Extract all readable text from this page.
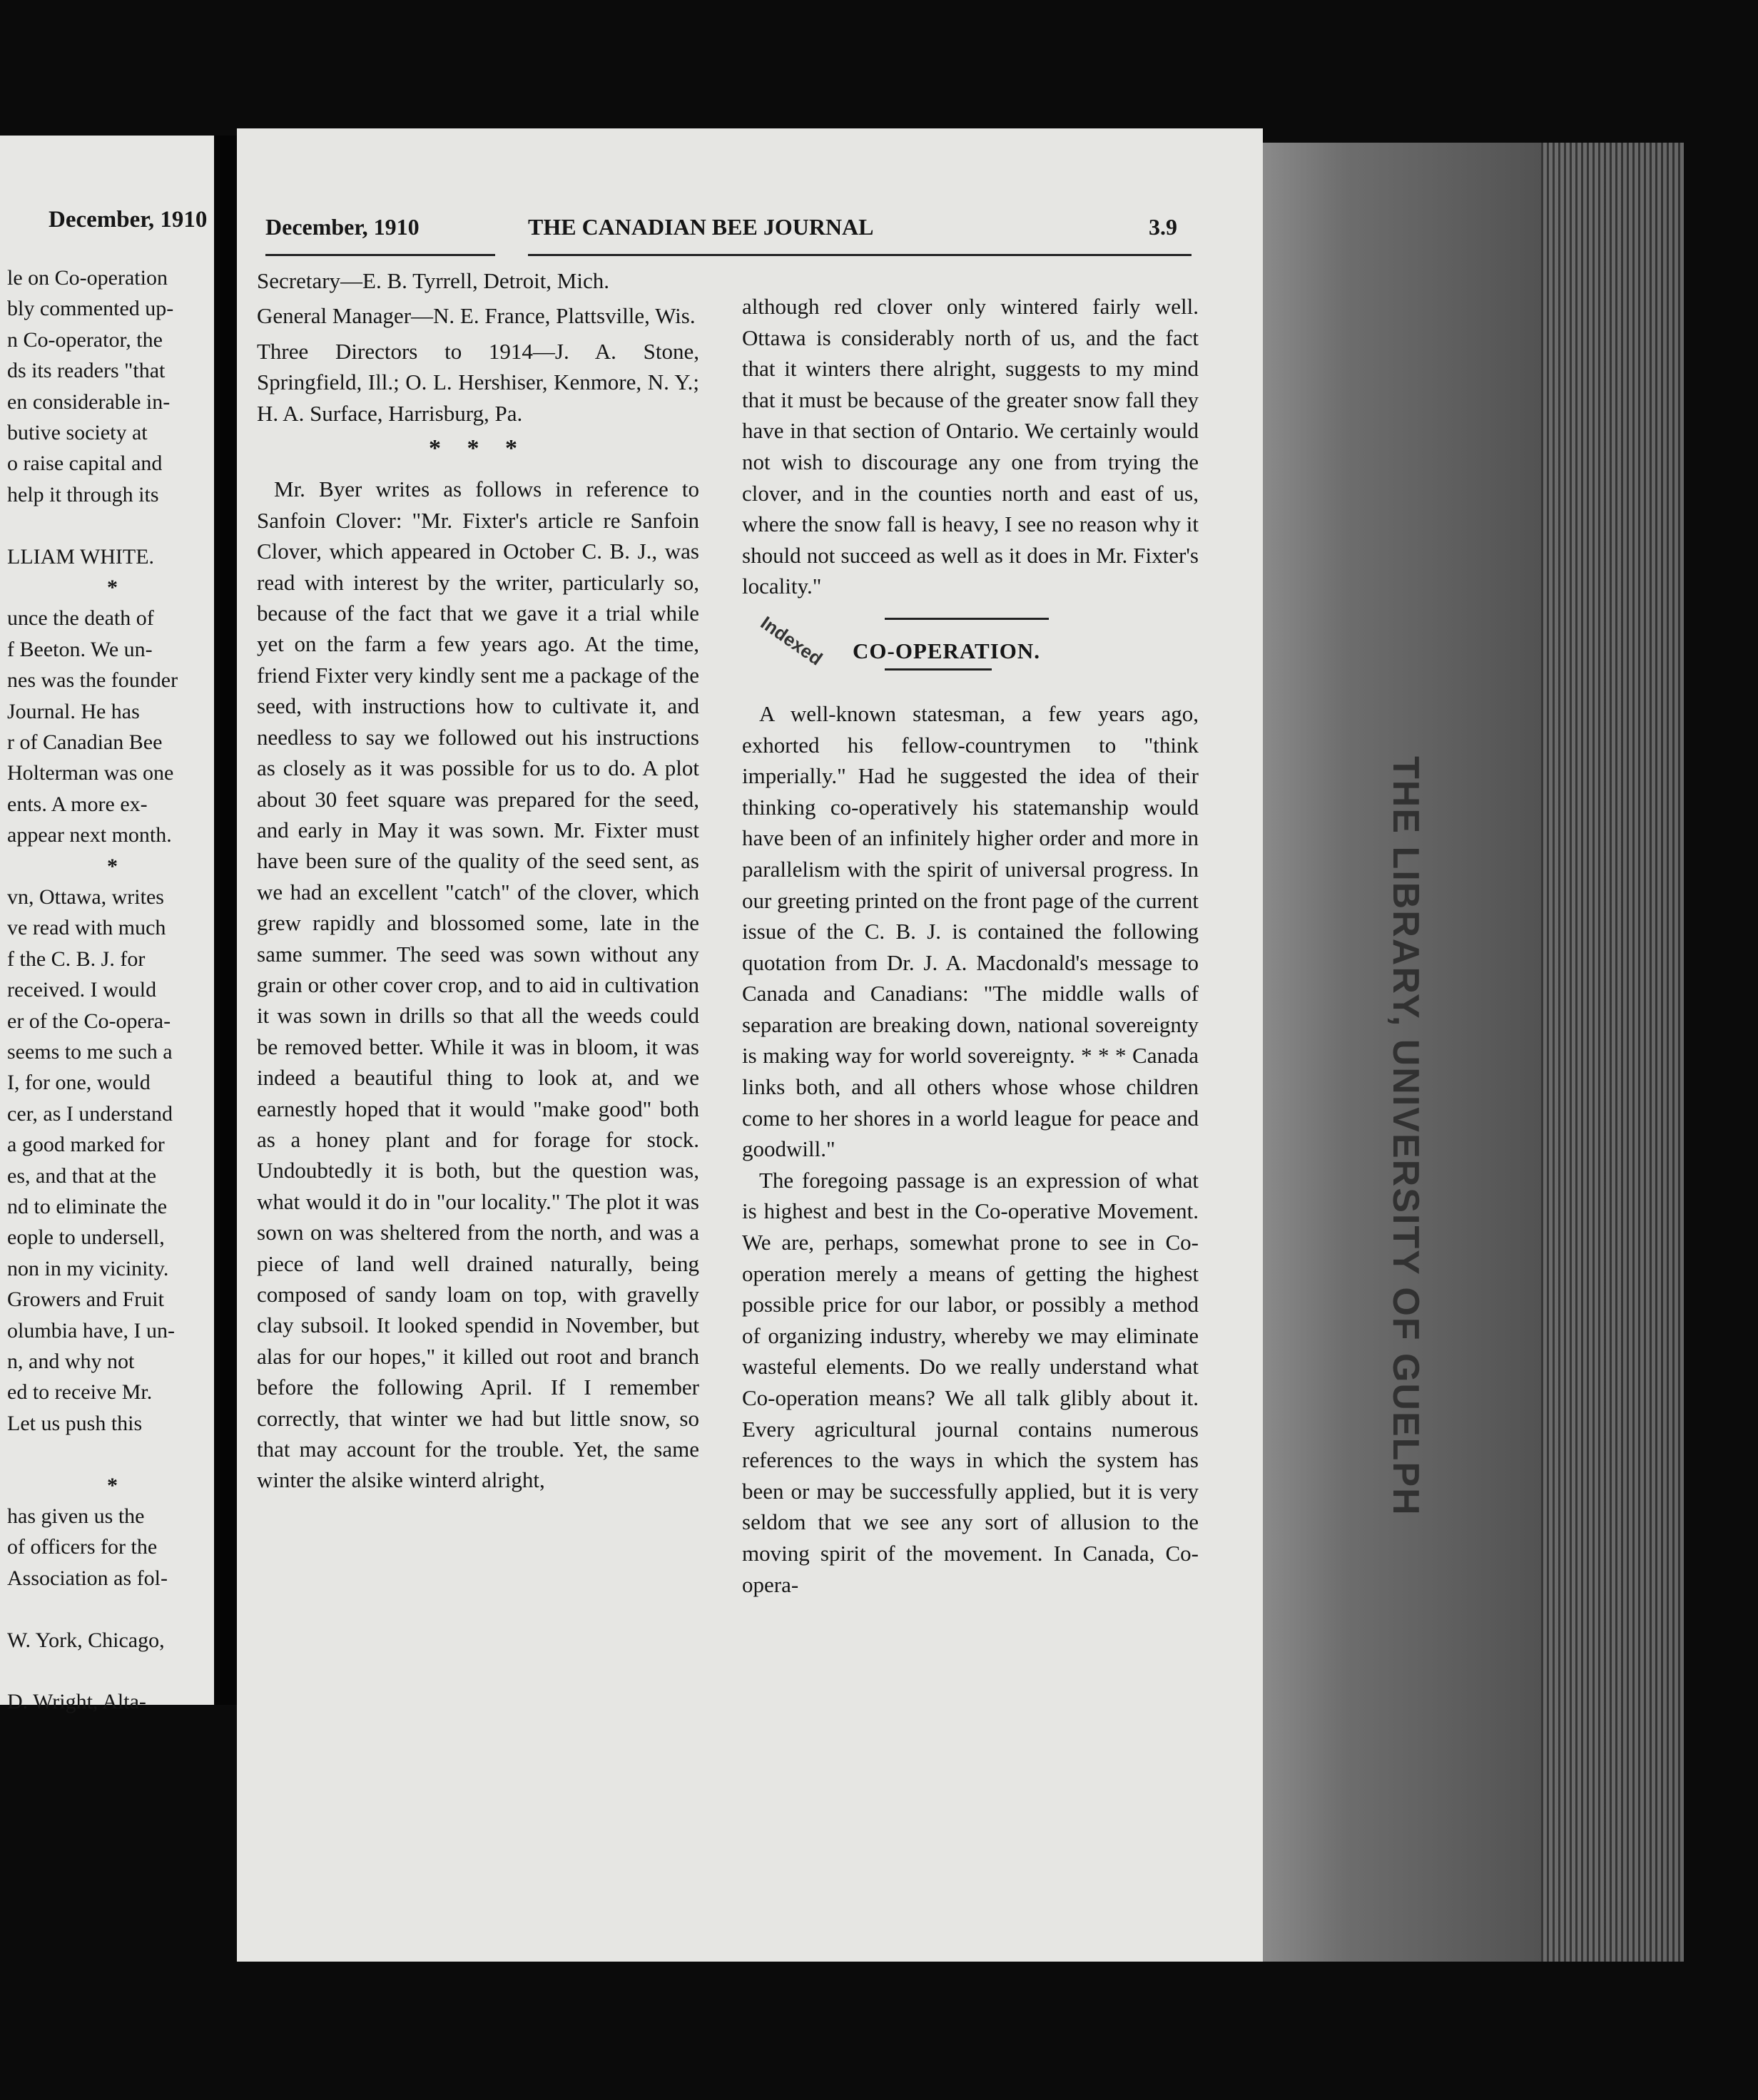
December, 1910
le on Co-operation
bly commented up-
n Co-operator, the
ds its readers "that
en considerable in-
butive society at
o raise capital and
help it through its
LLIAM WHITE.
*
unce the death of
f Beeton. We un-
nes was the founder
Journal. He has
r of Canadian Bee
Holterman was one
ents. A more ex-
appear next month.
*
vn, Ottawa, writes
ve read with much
f the C. B. J. for
received. I would
er of the Co-opera-
seems to me such a
I, for one, would
cer, as I understand
a good marked for
es, and that at the
nd to eliminate the
eople to undersell,
non in my vicinity.
Growers and Fruit
olumbia have, I un-
n, and why not
ed to receive Mr.
Let us push this
*
has given us the
of officers for the
Association as fol-
W. York, Chicago,
D. Wright, Alta-
December, 1910	THE CANADIAN BEE JOURNAL	3.9

Secretary—E. B. Tyrrell, Detroit, Mich.

General Manager—N. E. France, Plattsville, Wis.

Three Directors to 1914—J. A. Stone, Springfield, Ill.; O. L. Hershiser, Kenmore, N. Y.; H. A. Surface, Harrisburg, Pa.

* * *

Mr. Byer writes as follows in reference to Sanfoin Clover: "Mr. Fixter's article re Sanfoin Clover, which appeared in October C. B. J., was read with interest by the writer, particularly so, because of the fact that we gave it a trial while yet on the farm a few years ago. At the time, friend Fixter very kindly sent me a package of the seed, with instructions how to cultivate it, and needless to say we followed out his instructions as closely as it was possible for us to do. A plot about 30 feet square was prepared for the seed, and early in May it was sown. Mr. Fixter must have been sure of the quality of the seed sent, as we had an excellent "catch" of the clover, which grew rapidly and blossomed some, late in the same summer. The seed was sown without any grain or other cover crop, and to aid in cultivation it was sown in drills so that all the weeds could be removed better. While it was in bloom, it was indeed a beautiful thing to look at, and we earnestly hoped that it would "make good" both as a honey plant and for forage for stock. Undoubtedly it is both, but the question was, what would it do in "our locality." The plot it was sown on was sheltered from the north, and was a piece of land well drained naturally, being composed of sandy loam on top, with gravelly clay subsoil. It looked spendid in November, but alas for our hopes," it killed out root and branch before the following April. If I remember correctly, that winter we had but little snow, so that may account for the trouble. Yet, the same winter the alsike winterd alright,

although red clover only wintered fairly well. Ottawa is considerably north of us, and the fact that it winters there alright, suggests to my mind that it must be because of the greater snow fall they have in that section of Ontario. We certainly would not wish to discourage any one from trying the clover, and in the counties north and east of us, where the snow fall is heavy, I see no reason why it should not succeed as well as it does in Mr. Fixter's locality."

Indexed CO-OPERATION.

A well-known statesman, a few years ago, exhorted his fellow-countrymen to "think imperially." Had he suggested the idea of their thinking co-operatively his statemanship would have been of an infinitely higher order and more in parallelism with the spirit of universal progress. In our greeting printed on the front page of the current issue of the C. B. J. is contained the following quotation from Dr. J. A. Macdonald's message to Canada and Canadians: "The middle walls of separation are breaking down, national sovereignty is making way for world sovereignty. * * * Canada links both, and all others whose whose children come to her shores in a world league for peace and goodwill."

The foregoing passage is an expression of what is highest and best in the Co-operative Movement. We are, perhaps, somewhat prone to see in Co-operation merely a means of getting the highest possible price for our labor, or possibly a method of organizing industry, whereby we may eliminate wasteful elements. Do we really understand what Co-operation means? We all talk glibly about it. Every agricultural journal contains numerous references to the ways in which the system has been or may be successfully applied, but it is very seldom that we see any sort of allusion to the moving spirit of the movement. In Canada, Co-opera-

THE LIBRARY, UNIVERSITY OF GUELPH
